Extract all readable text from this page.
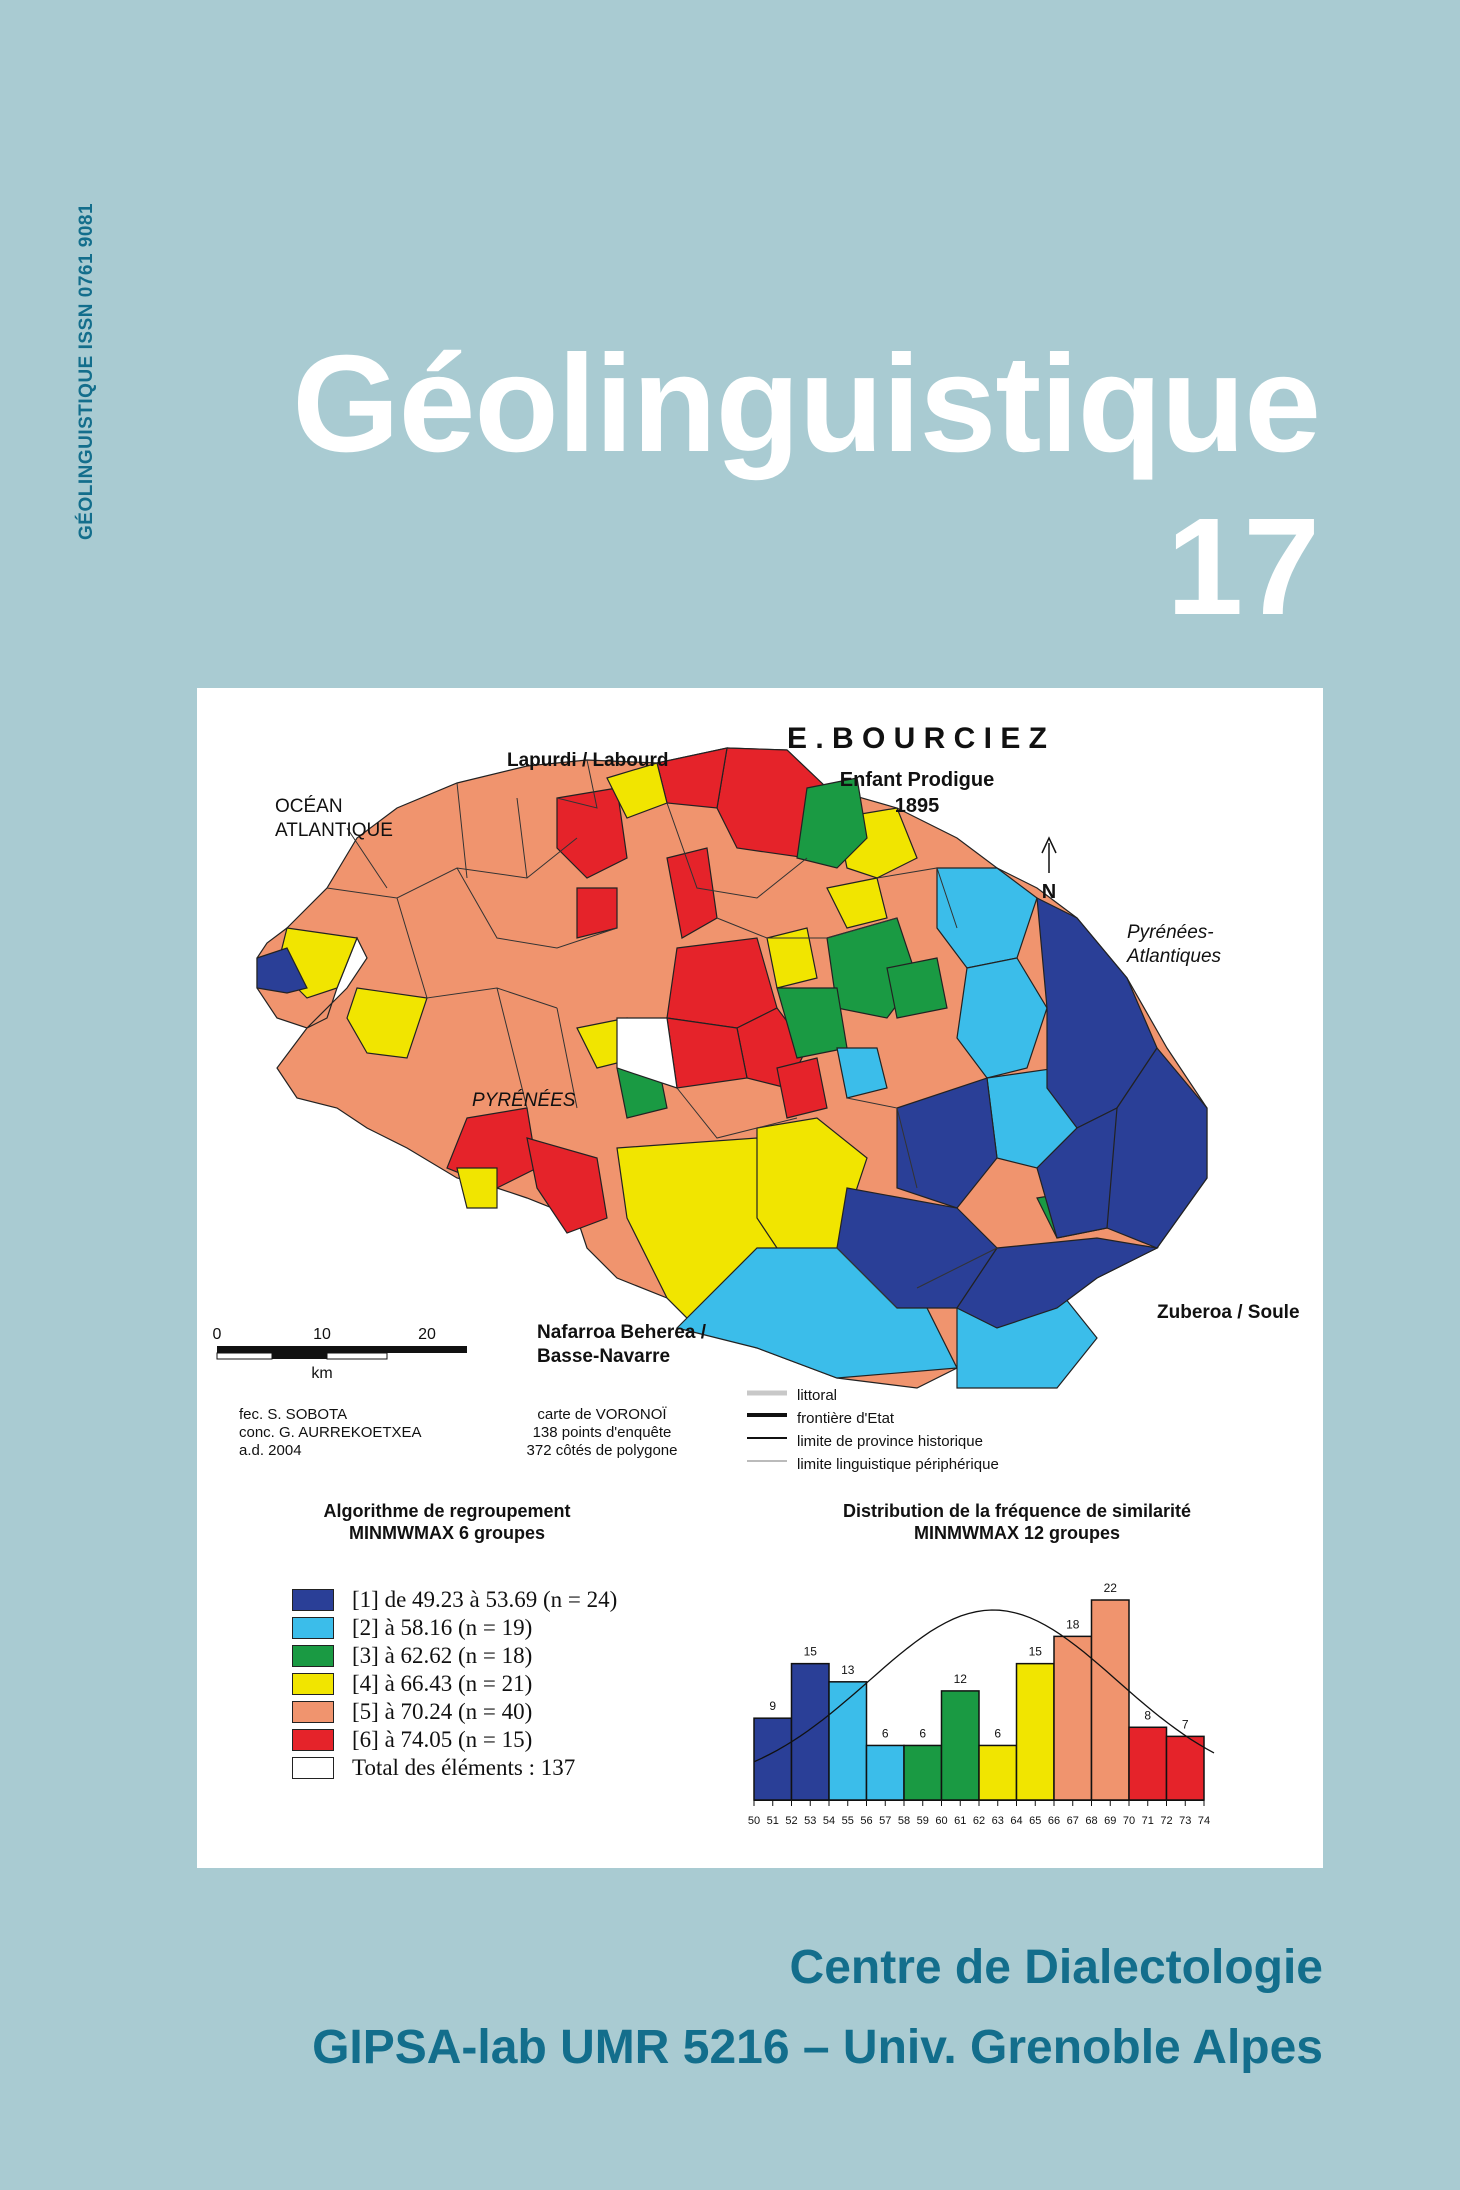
GÉOLINGUISTIQUE ISSN 0761 9081 Géolinguistique
17
E . B O U R C I E Z
Enfant Prodigue
1895
N
0	10	20
km
9
15
13
6	6
12
6
15
18
22
8
7
50 51 52 53 54 55 56 57 58 59 60 61 62 63 64 65 66 67 68 69 70 71 72 73 74
Lapurdi / Labourd
OCÉAN
ATLANTIQUE
Pyrénées-
Atlantiques
PYRÉNÉES
Zuberoa / Soule
Nafarroa Beherea /
Basse-Navarre
fec. S. SOBOTA
conc. G. AURREKOETXEA
a.d. 2004
carte de VORONOÏ
138 points d'enquête
372 côtés de polygone
littoral
frontière d'Etat
limite de province historique
limite linguistique périphérique
Algorithme de regroupement
MINMWMAX 6 groupes
[1] de 49.23 à 53.69 (n = 24)
[2] à 58.16 (n = 19)
[3] à 62.62 (n = 18)
[4] à 66.43 (n = 21)
[5] à 70.24 (n = 40)
[6] à 74.05 (n = 15)
Total des éléments : 137
Distribution de la fréquence de similarité
MINMWMAX 12 groupes
Centre de Dialectologie
GIPSA-lab UMR 5216 – Univ. Grenoble Alpes
